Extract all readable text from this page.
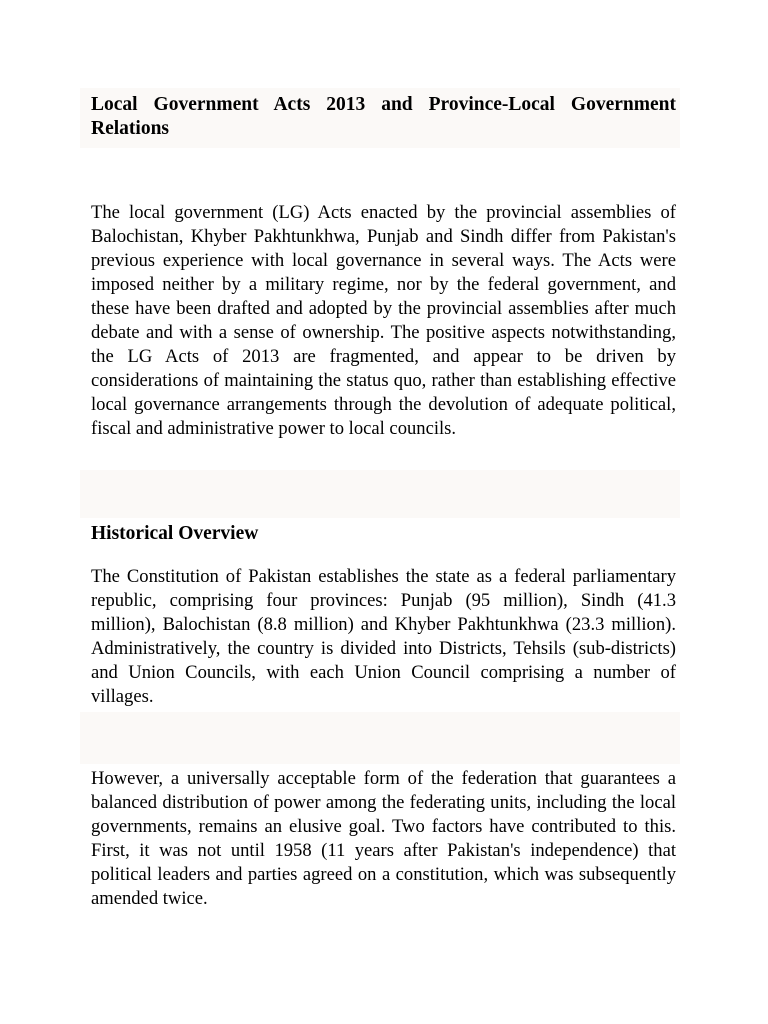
Local Government Acts 2013 and Province-Local Government Relations

The local government (LG) Acts enacted by the provincial assemblies of Balochistan, Khyber Pakhtunkhwa, Punjab and Sindh differ from Pakistan's previous experience with local governance in several ways. The Acts were imposed neither by a military regime, nor by the federal government, and these have been drafted and adopted by the provincial assemblies after much debate and with a sense of ownership. The positive aspects notwithstanding, the LG Acts of 2013 are fragmented, and appear to be driven by considerations of maintaining the status quo, rather than establishing effective local governance arrangements through the devolution of adequate political, fiscal and administrative power to local councils.

Historical Overview

The Constitution of Pakistan establishes the state as a federal parliamentary republic, comprising four provinces: Punjab (95 million), Sindh (41.3 million), Balochistan (8.8 million) and Khyber Pakhtunkhwa (23.3 million). Administratively, the country is divided into Districts, Tehsils (sub-districts) and Union Councils, with each Union Council comprising a number of villages.

However, a universally acceptable form of the federation that guarantees a balanced distribution of power among the federating units, including the local governments, remains an elusive goal. Two factors have contributed to this. First, it was not until 1958 (11 years after Pakistan's independence) that political leaders and parties agreed on a constitution, which was subsequently amended twice.
